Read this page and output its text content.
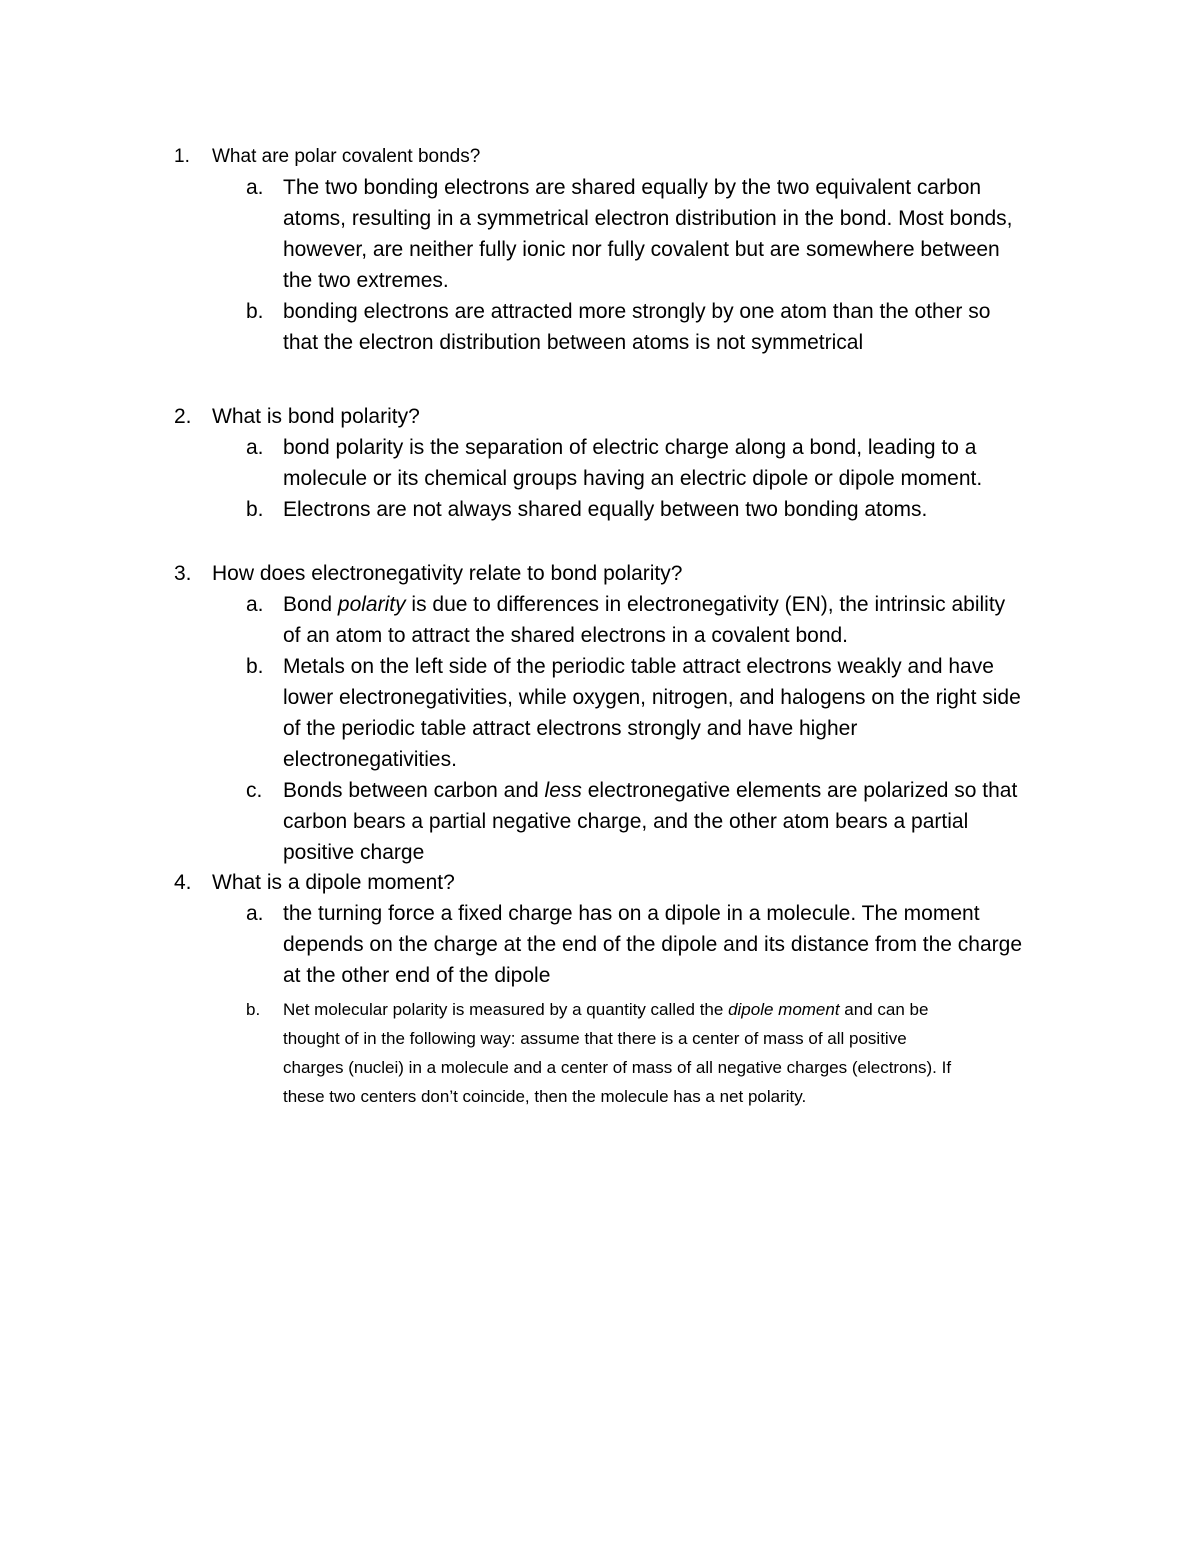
1. What are polar covalent bonds?
a. The two bonding electrons are shared equally by the two equivalent carbon
atoms, resulting in a symmetrical electron distribution in the bond. Most bonds,
however, are neither fully ionic nor fully covalent but are somewhere between
the two extremes.
b. bonding electrons are attracted more strongly by one atom than the other so
that the electron distribution between atoms is not symmetrical
2. What is bond polarity?
a. bond polarity is the separation of electric charge along a bond, leading to a
molecule or its chemical groups having an electric dipole or dipole moment.
b. Electrons are not always shared equally between two bonding atoms.
3. How does electronegativity relate to bond polarity?
a. Bond polarity is due to differences in electronegativity (EN), the intrinsic ability
of an atom to attract the shared electrons in a covalent bond.
b. Metals on the left side of the periodic table attract electrons weakly and have
lower electronegativities, while oxygen, nitrogen, and halogens on the right side
of the periodic table attract electrons strongly and have higher
electronegativities.
c. Bonds between carbon and less electronegative elements are polarized so that
carbon bears a partial negative charge, and the other atom bears a partial
positive charge
4. What is a dipole moment?
a. the turning force a fixed charge has on a dipole in a molecule. The moment
depends on the charge at the end of the dipole and its distance from the charge
at the other end of the dipole
b. Net molecular polarity is measured by a quantity called the dipole moment and can be
thought of in the following way: assume that there is a center of mass of all positive
charges (nuclei) in a molecule and a center of mass of all negative charges (electrons). If
these two centers don’t coincide, then the molecule has a net polarity.
